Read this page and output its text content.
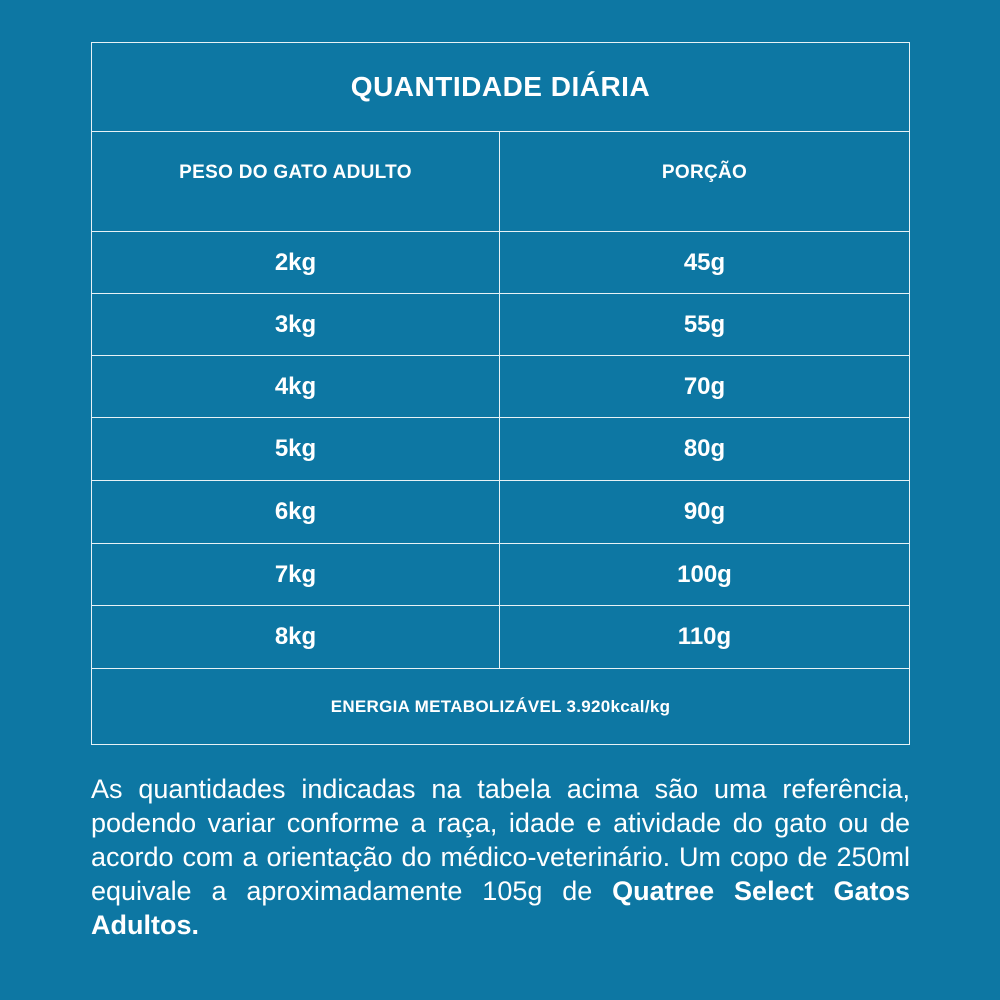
QUANTIDADE DIÁRIA
PESO DO GATO ADULTO	PORÇÃO
2kg	45g
3kg	55g
4kg	70g
5kg	80g
6kg	90g
7kg	100g
8kg	110g
ENERGIA METABOLIZÁVEL 3.920kcal/kg

As quantidades indicadas na tabela acima são uma referência, podendo variar conforme a raça, idade e atividade do gato ou de acordo com a orientação do médico-veterinário. Um copo de 250ml equivale a aproximadamente 105g de Quatree Select Gatos Adultos.
